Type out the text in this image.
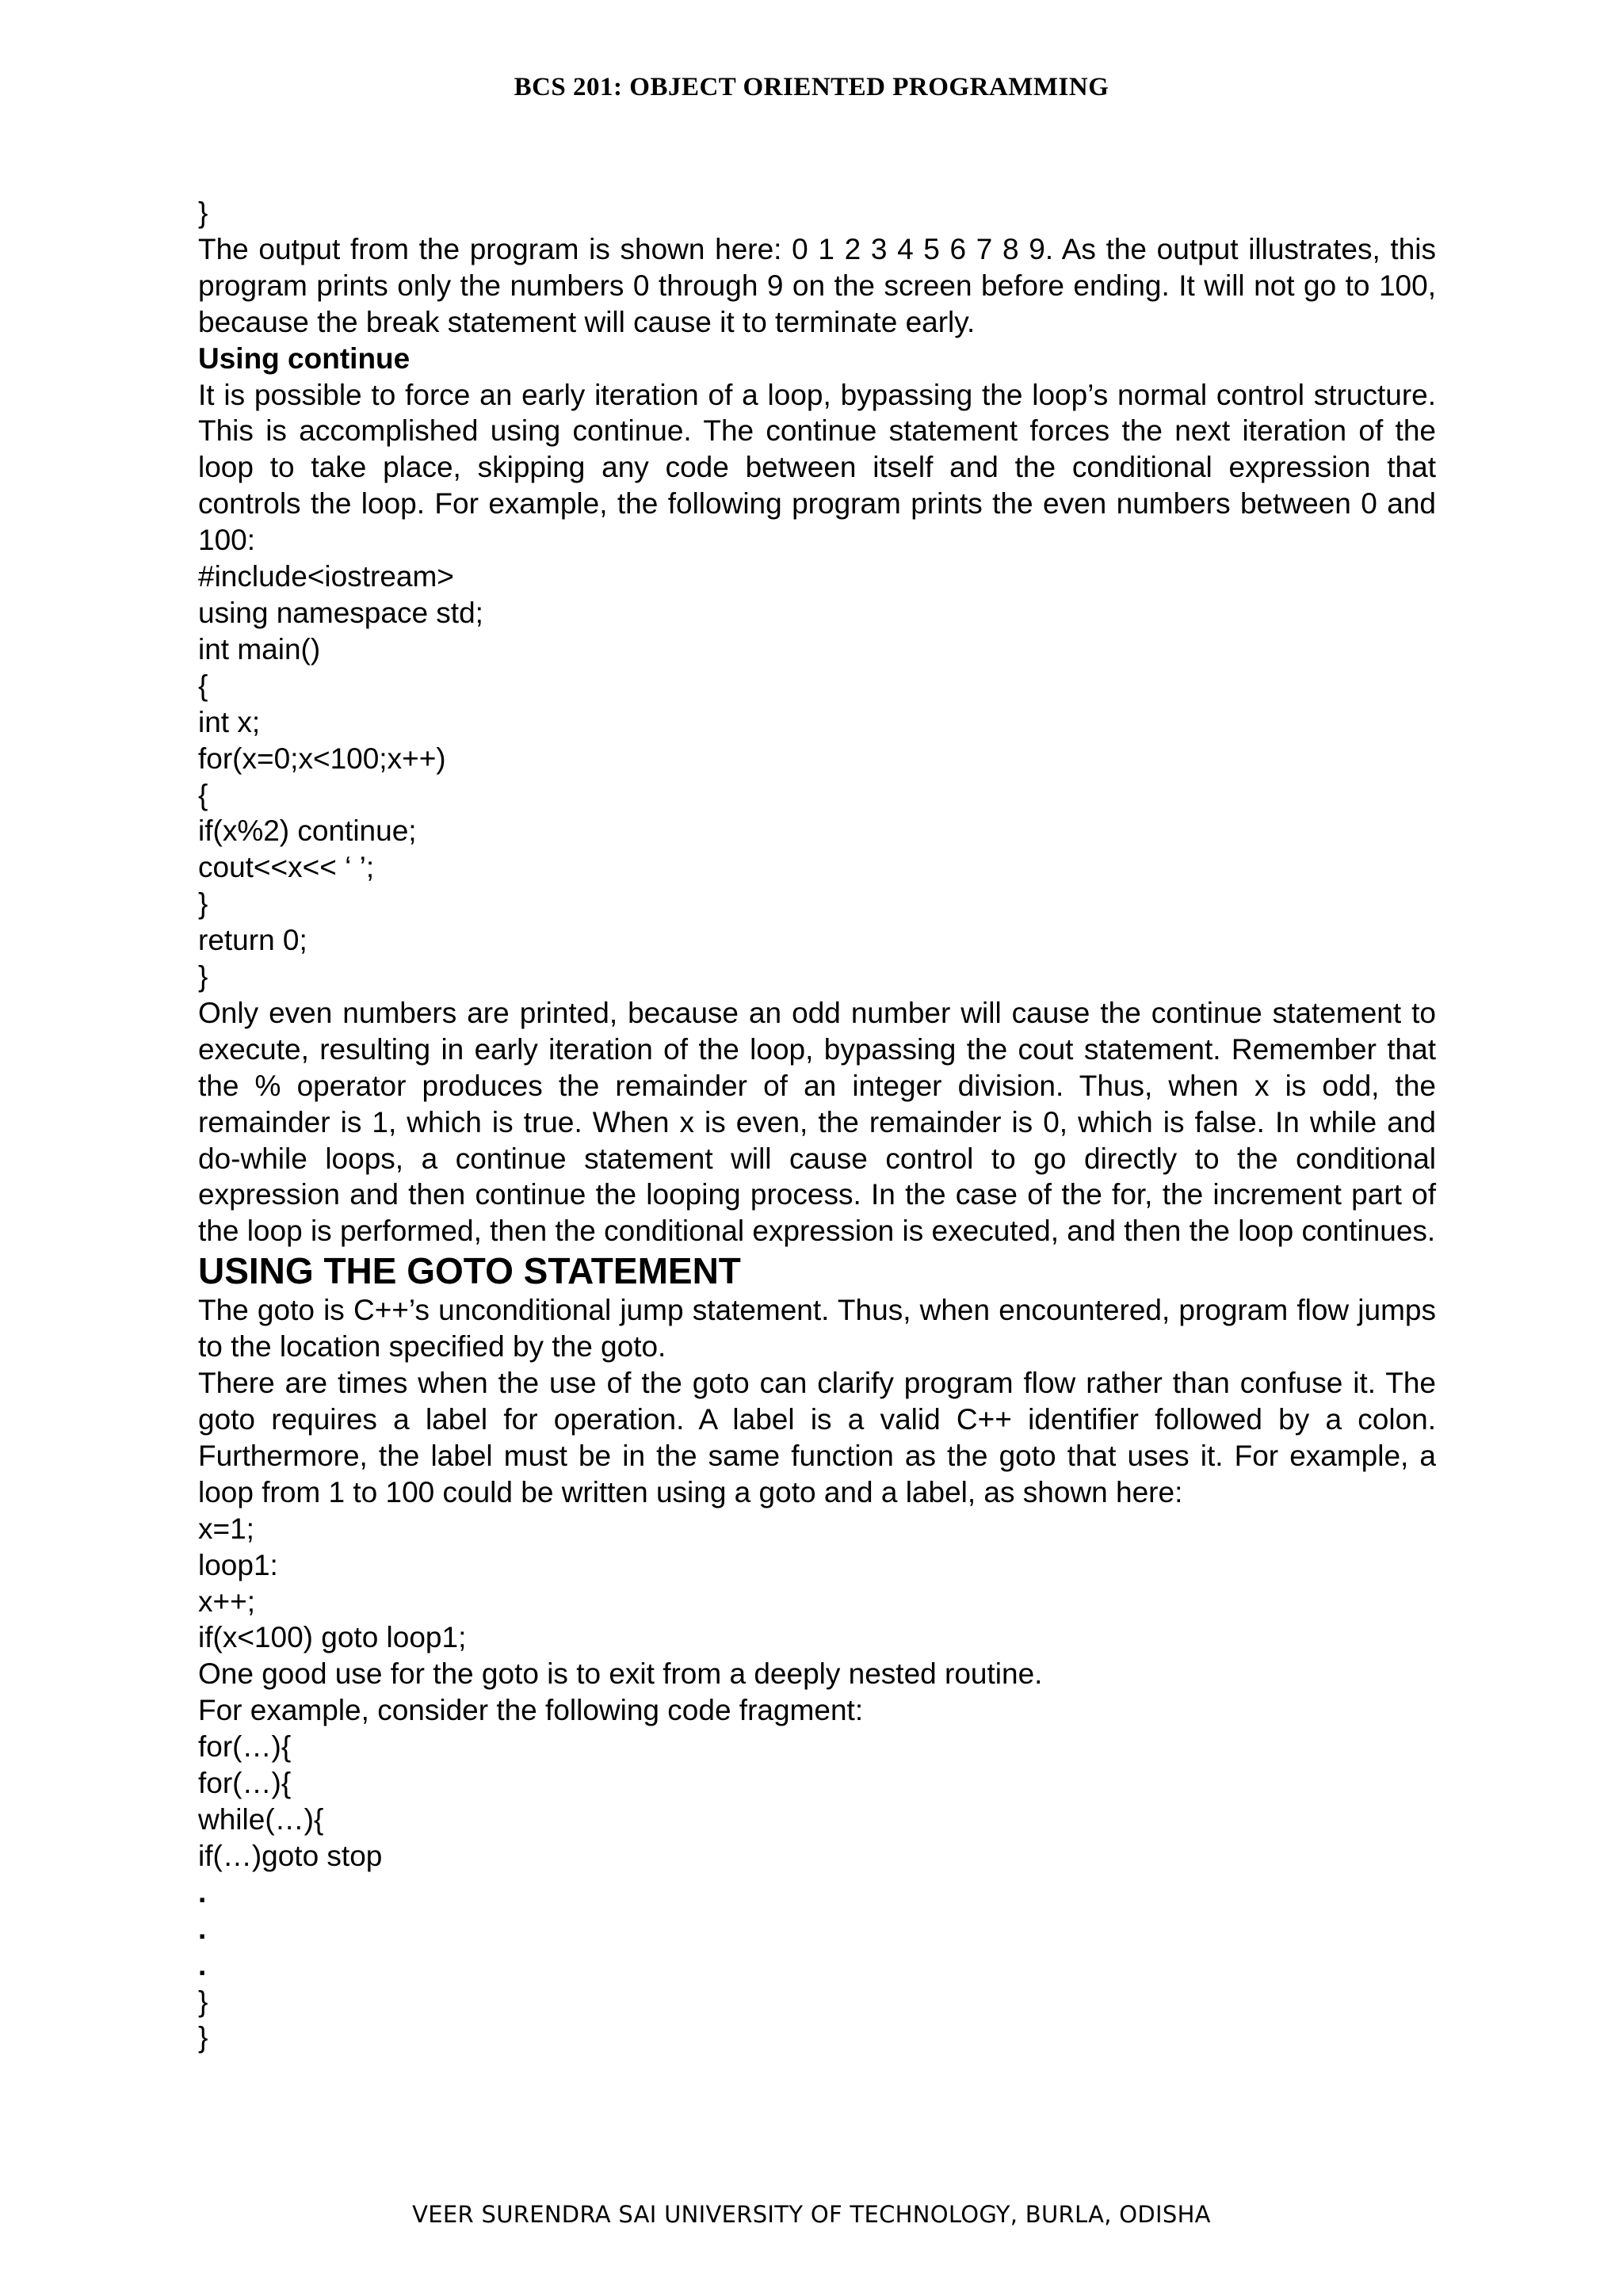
BCS 201: OBJECT ORIENTED PROGRAMMING

}

The output from the program is shown here: 0 1 2 3 4 5 6 7 8 9. As the output illustrates, this program prints only the numbers 0 through 9 on the screen before ending. It will not go to 100, because the break statement will cause it to terminate early.

Using continue

It is possible to force an early iteration of a loop, bypassing the loop’s normal control structure. This is accomplished using continue. The continue statement forces the next iteration of the loop to take place, skipping any code between itself and the conditional expression that controls the loop. For example, the following program prints the even numbers between 0 and 100:

#include<iostream>

using namespace std;

int main()

{

int x;

for(x=0;x<100;x++)

{

if(x%2) continue;

cout<<x<< ‘ ’;

}

return 0;

}

Only even numbers are printed, because an odd number will cause the continue statement to execute, resulting in early iteration of the loop, bypassing the cout statement. Remember that the % operator produces the remainder of an integer division. Thus, when x is odd, the remainder is 1, which is true. When x is even, the remainder is 0, which is false. In while and do-while loops, a continue statement will cause control to go directly to the conditional expression and then continue the looping process. In the case of the for, the increment part of the loop is performed, then the conditional expression is executed, and then the loop continues.

USING THE GOTO STATEMENT

The goto is C++’s unconditional jump statement. Thus, when encountered, program flow jumps to the location specified by the goto.

There are times when the use of the goto can clarify program flow rather than confuse it. The goto requires a label for operation. A label is a valid C++ identifier followed by a colon. Furthermore, the label must be in the same function as the goto that uses it. For example, a loop from 1 to 100 could be written using a goto and a label, as shown here:

x=1;

loop1:

x++;

if(x<100) goto loop1;

One good use for the goto is to exit from a deeply nested routine.

For example, consider the following code fragment:

for(…){

for(…){

while(…){

if(…)goto stop

.

.

.

}

}

VEER SURENDRA SAI UNIVERSITY OF TECHNOLOGY, BURLA, ODISHA
